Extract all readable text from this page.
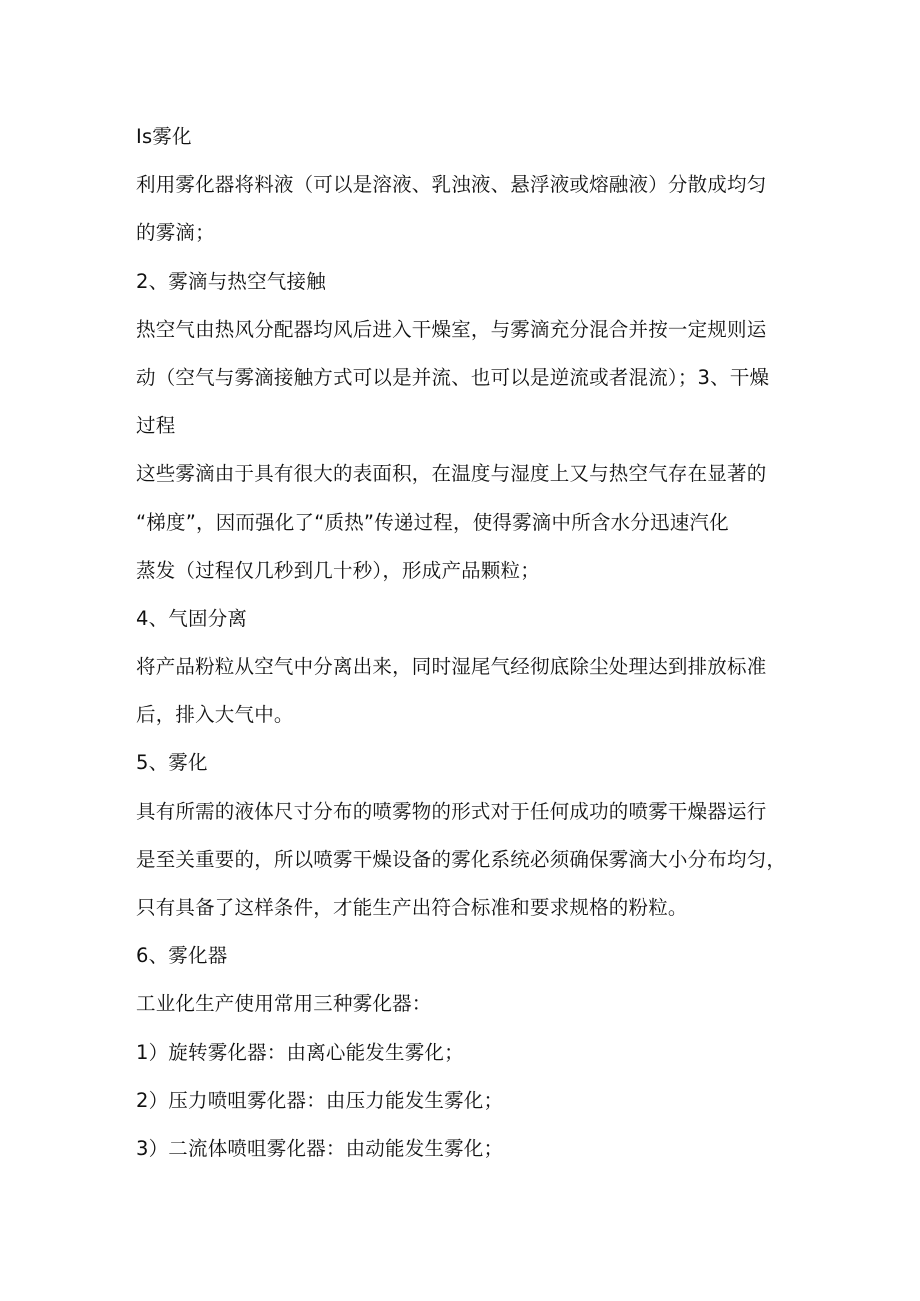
Is雾化
利用雾化器将料液（可以是溶液、乳浊液、悬浮液或熔融液）分散成均匀
的雾滴；
2、雾滴与热空气接触
热空气由热风分配器均风后进入干燥室，与雾滴充分混合并按一定规则运
动（空气与雾滴接触方式可以是并流、也可以是逆流或者混流）；3、干燥
过程
这些雾滴由于具有很大的表面积，在温度与湿度上又与热空气存在显著的
“梯度”，因而强化了“质热”传递过程，使得雾滴中所含水分迅速汽化
蒸发（过程仅几秒到几十秒），形成产品颗粒；
4、气固分离
将产品粉粒从空气中分离出来，同时湿尾气经彻底除尘处理达到排放标准
后，排入大气中。
5、雾化
具有所需的液体尺寸分布的喷雾物的形式对于任何成功的喷雾干燥器运行
是至关重要的，所以喷雾干燥设备的雾化系统必须确保雾滴大小分布均匀，
只有具备了这样条件，才能生产出符合标准和要求规格的粉粒。
6、雾化器
工业化生产使用常用三种雾化器：
1）旋转雾化器：由离心能发生雾化；
2）压力喷咀雾化器：由压力能发生雾化；
3）二流体喷咀雾化器：由动能发生雾化；
